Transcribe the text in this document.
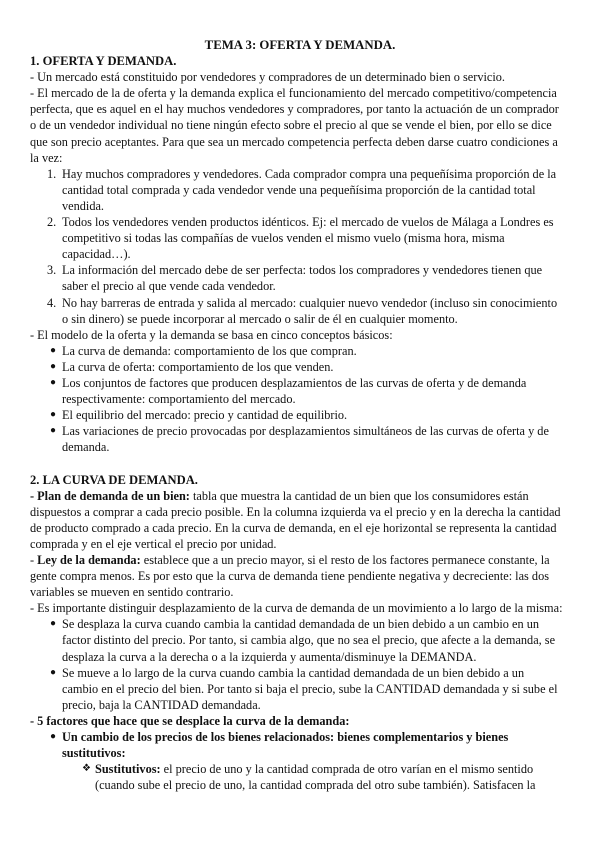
TEMA 3: OFERTA Y DEMANDA.
1. OFERTA Y DEMANDA.
- Un mercado está constituido por vendedores y compradores de un determinado bien o servicio.
- El mercado de la de oferta y la demanda explica el funcionamiento del mercado competitivo/competencia
perfecta, que es aquel en el hay muchos vendedores y compradores, por tanto la actuación de un comprador
o de un vendedor individual no tiene ningún efecto sobre el precio al que se vende el bien, por ello se dice
que son precio aceptantes. Para que sea un mercado competencia perfecta deben darse cuatro condiciones a
la vez:
1. Hay muchos compradores y vendedores. Cada comprador compra una pequeñísima proporción de la
cantidad total comprada y cada vendedor vende una pequeñísima proporción de la cantidad total
vendida.
2. Todos los vendedores venden productos idénticos. Ej: el mercado de vuelos de Málaga a Londres es
competitivo si todas las compañías de vuelos venden el mismo vuelo (misma hora, misma
capacidad…).
3. La información del mercado debe de ser perfecta: todos los compradores y vendedores tienen que
saber el precio al que vende cada vendedor.
4. No hay barreras de entrada y salida al mercado: cualquier nuevo vendedor (incluso sin conocimiento
o sin dinero) se puede incorporar al mercado o salir de él en cualquier momento.
- El modelo de la oferta y la demanda se basa en cinco conceptos básicos:
● La curva de demanda: comportamiento de los que compran.
● La curva de oferta: comportamiento de los que venden.
● Los conjuntos de factores que producen desplazamientos de las curvas de oferta y de demanda
respectivamente: comportamiento del mercado.
● El equilibrio del mercado: precio y cantidad de equilibrio.
● Las variaciones de precio provocadas por desplazamientos simultáneos de las curvas de oferta y de
demanda.
2. LA CURVA DE DEMANDA.
- Plan de demanda de un bien: tabla que muestra la cantidad de un bien que los consumidores están
dispuestos a comprar a cada precio posible. En la columna izquierda va el precio y en la derecha la cantidad
de producto comprado a cada precio. En la curva de demanda, en el eje horizontal se representa la cantidad
comprada y en el eje vertical el precio por unidad.
- Ley de la demanda: establece que a un precio mayor, si el resto de los factores permanece constante, la
gente compra menos. Es por esto que la curva de demanda tiene pendiente negativa y decreciente: las dos
variables se mueven en sentido contrario.
- Es importante distinguir desplazamiento de la curva de demanda de un movimiento a lo largo de la misma:
● Se desplaza la curva cuando cambia la cantidad demandada de un bien debido a un cambio en un
factor distinto del precio. Por tanto, si cambia algo, que no sea el precio, que afecte a la demanda, se
desplaza la curva a la derecha o a la izquierda y aumenta/disminuye la DEMANDA.
● Se mueve a lo largo de la curva cuando cambia la cantidad demandada de un bien debido a un
cambio en el precio del bien. Por tanto si baja el precio, sube la CANTIDAD demandada y si sube el
precio, baja la CANTIDAD demandada.
- 5 factores que hace que se desplace la curva de la demanda:
● Un cambio de los precios de los bienes relacionados: bienes complementarios y bienes
sustitutivos:
❖ Sustitutivos: el precio de uno y la cantidad comprada de otro varían en el mismo sentido
(cuando sube el precio de uno, la cantidad comprada del otro sube también). Satisfacen la
